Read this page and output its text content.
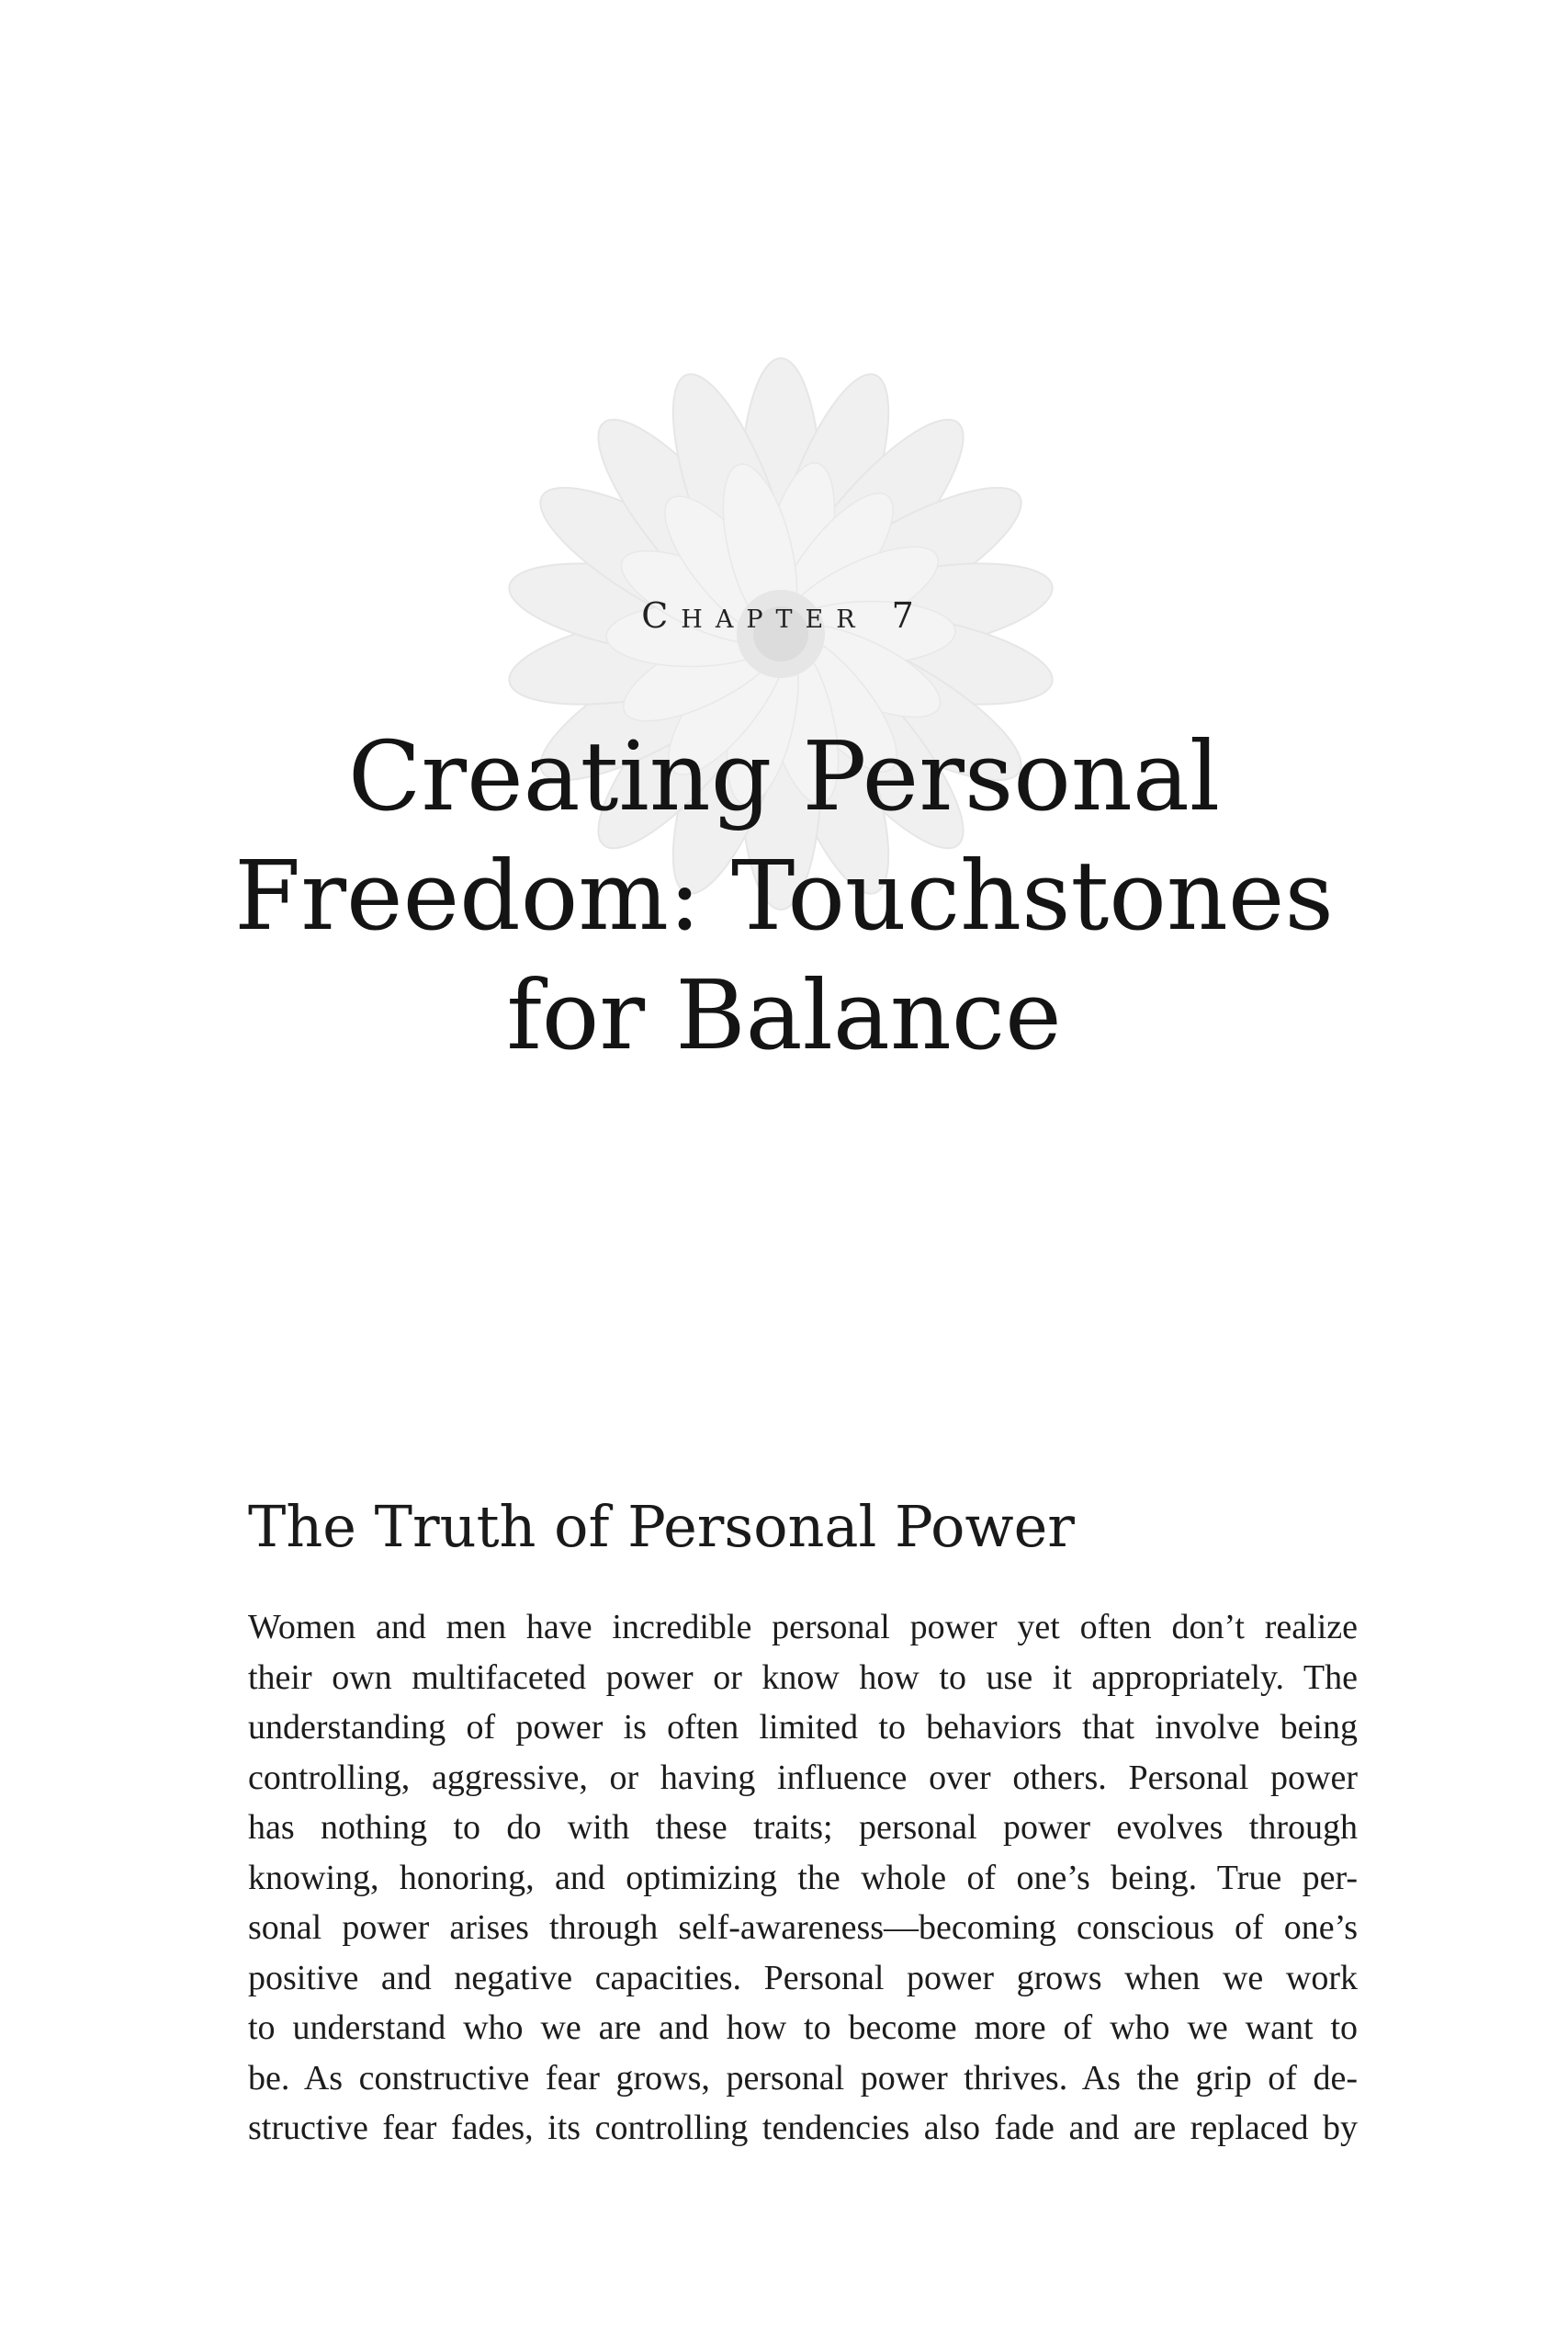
Chapter 7
Creating Personal
Freedom: Touchstones
for Balance
The Truth of Personal Power
Women and men have incredible personal power yet often don’t realize
their own multifaceted power or know how to use it appropriately. The
understanding of power is often limited to behaviors that involve being
controlling, aggressive, or having influence over others. Personal power
has nothing to do with these traits; personal power evolves through
knowing, honoring, and optimizing the whole of one’s being. True per-
sonal power arises through self-awareness—becoming conscious of one’s
positive and negative capacities. Personal power grows when we work
to understand who we are and how to become more of who we want to
be. As constructive fear grows, personal power thrives. As the grip of de-
structive fear fades, its controlling tendencies also fade and are replaced by
